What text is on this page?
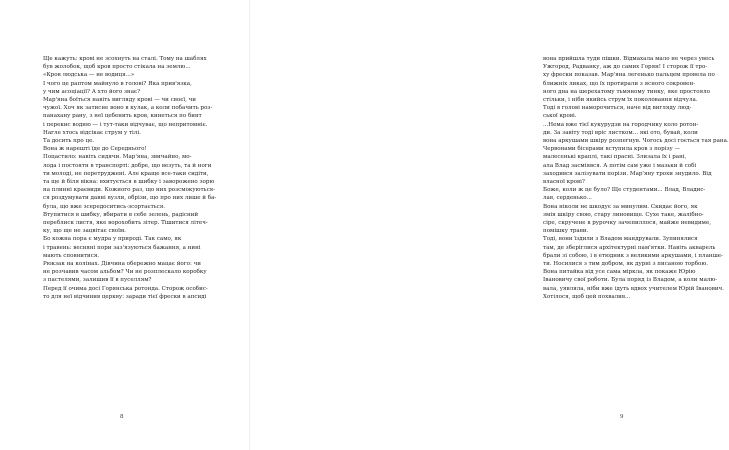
Ще кажуть: крові не зсохнуть на сталі. Тому на шаблях

був жолобок, щоб кров просто стікала на землю...

«Кров людська — не водиця...»

І чого це раптом майнуло в голові? Яка прив'язка,

у чим асоціації? А хто його знає?

Мар'яна боїться навіть вигляду крові — чи своєї, чи

чужої. Хоч як затисне воно в кулак, а коли побачить роз-

панахану рану, з неї цебенить кров, кинеться по бинт

і перекис водню — і тут-таки відчуває, що непритомніє.

Нагле хтось відсікає струм у тілі.

Та досить про це.

Вона ж нарешті їде до Середнього!

Поцастило: навіть сидячи. Мар'яна, звичайно, мо-

лода і постоятн в транспорті: добре, що везуть, та й ноги

ти молоді, не перетруджені. Але краще все-таки сидіти,

та ще й біля вікна: вхитується в шибку і заворожено зорю

на плинні краєвиди. Кожного раз, що них розсмокуються-

ся роздумувати давні вузли, обрізи, що про них лише й ба-

була, що вже зсередоситись-зсортається.

Втупитися в шибку, вбирати в себе зелень, радісний

переблиск листя, яке ворохобить зітер. Тішитися літеч-

ку, що ще не зацвітає своїм.

Бо кожна пора є мудра у природі. Так само, як

і травень: весняні пори заз'язуються бажання, а нині

мають сповнитися.

Рюкзак на колінах. Дівчина обережно мацає його: чи

не розчавив часом альбом? Чи не розплескало коробку

з пастелями, залишив її в пуселлям?

Перед її очима досі Горянська ротонда. Сторож особис-

то для неї відчинив церкву: заради тієї фрески в апсиді

8

вона прийшла туди пішки. Відмахала мало не через увесь

Ужгород, Радванку, аж до самих Горян! І сторож її тро-

ху фрески показав. Мар'яна легенько пальцем провела по

ближніх ликах, що їх протирали з ясного сокровен-

ного дна на шерехатому тьмяному тинку, яке простояло

стільки, і ніби якийсь струм їх поколовання відчула.

Тоді в голові наморочиться, наче від вигляду люд-

ської крові.

...Нема вже тієї кукурудзи на городчику коло ротон-

ди. За завіту тоді вріс листком... які ото, бувай, коли

вона аркушами шкіру розпегнув. Чогось досі гоється тая рана.

Червонами бісерами вступила кров з порізу —

малесенькі краплі, такі прасні. Злизала їх і рані,

ала Влад засміявся. А потім сам уже і мазьки й собі

заходився залізувати порізи. Мар'яну трохи знудило. Від

власної крові?

Боже, коли ж це було? Ще студентами... Влад, Владис-

лав, серденько...

Вона ніколи не шкодує за минулим. Скидає його, як

змія шкіру свою, стару линовище. Сухе таке, жалібно-

сіре, скручене в рурочку зачепиллося, майже невидиме,

помішку трави.

Тоді, вони їздили з Владом мандрували. Зупинялися

там, де зберіглися архітектурні пам'ятки. Навіть акварель

брали зі собою, і в етюдник з великими аркушами, і планше-

ти. Носилися з тим добром, як дурні з писаною торбою.

Вона питайка від усе сама міркла, як покаже Юрію

Івановичу свої роботи. Була поряд із Владом, а коли малю-

вала, уявляла, ніби вже ідуть вдвох учителем Юрій Іванович.

Хотілося, щоб цей похвалив...

9
